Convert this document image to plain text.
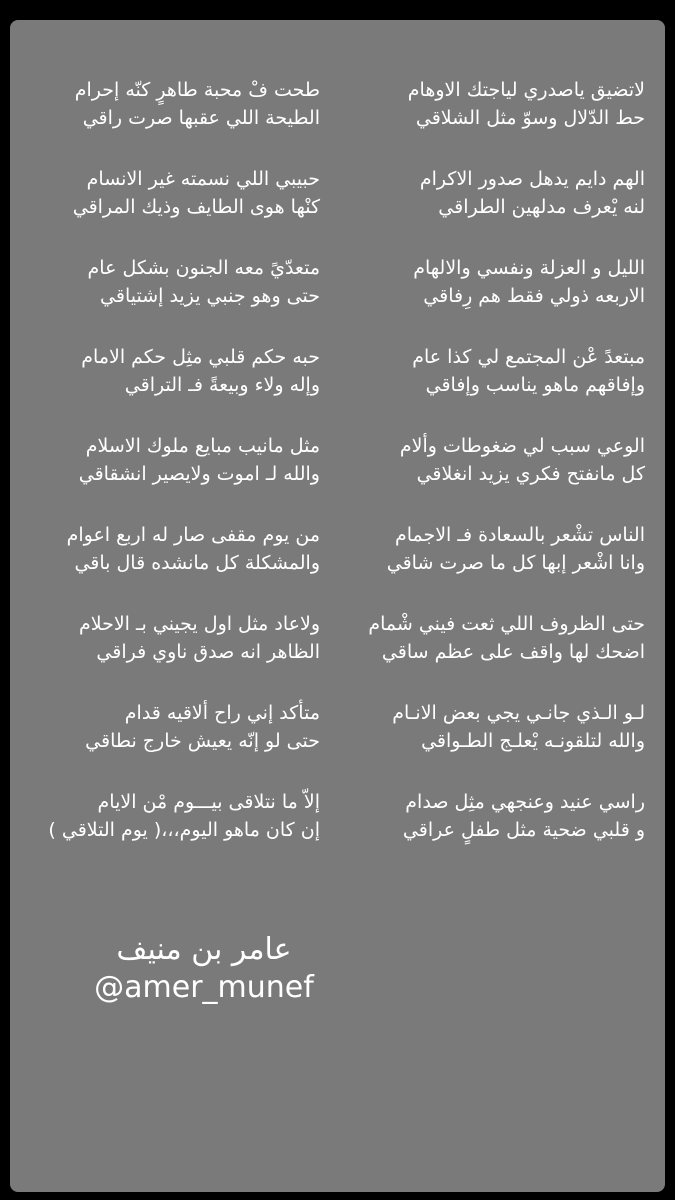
لاتضيق ياصدري لياجتك الاوهام
حط الدّلال وسوّ مثل الشلاقي
الهم دايم يدهل صدور الاكرام
لنه يْعرف مدلهين الطراقي
الليل و العزلة ونفسي والالهام
الاربعه ذولي فقط هم رِفاقي
مبتعدً عْن المجتمع لي كذا عام
وإفاقهم ماهو يناسب وإفاقي
الوعي سبب لي ضغوطات وألام
كل مانفتح فكري يزيد انغلاقي
الناس تشْعر بالسعادة فـ الاجمام
وانا اشْعر إبها كل ما صرت شاقي
حتى الظروف اللي ثعت فيني شْمام
اضحك لها واقف على عظم ساقي
لـو الـذي جانـي يجي بعض الانـام
والله لتلقونـه يْعلـج الطـواقي
راسي عنيد وعنجهي مثِل صدام
و قلبي ضحية مثل طفلٍ عراقي
طحت فْ محبة طاهرٍ كنّه إحرام
الطيحة اللي عقبها صرت راقي
حبيبي اللي نسمته غير الانسام
كنْها هوى الطايف وذيك المراقي
متعدّيً معه الجنون بشكل عام
حتى وهو جنبي يزيد إشتياقي
حبه حكم قلبي مثِل حكم الامام
وإله ولاء وبيعةً فـ التراقي
مثل مانيب مبايع ملوك الاسلام
والله لـ اموت ولايصير انشقاقي
من يوم مقفى صار له اربع اعوام
والمشكلة كل مانشده قال باقي
ولاعاد مثل اول يجيني بـ الاحلام
الظاهر انه صدق ناوي فراقي
متأكد إني راح ألاقيه قدام
حتى لو إنّه يعيش خارج نطاقي
إلاّ ما نتلاقى بيـــوم مْن الايام
إن كان ماهو اليوم،،،( يوم التلاقي )
عامر بن منيف
@amer_munef
